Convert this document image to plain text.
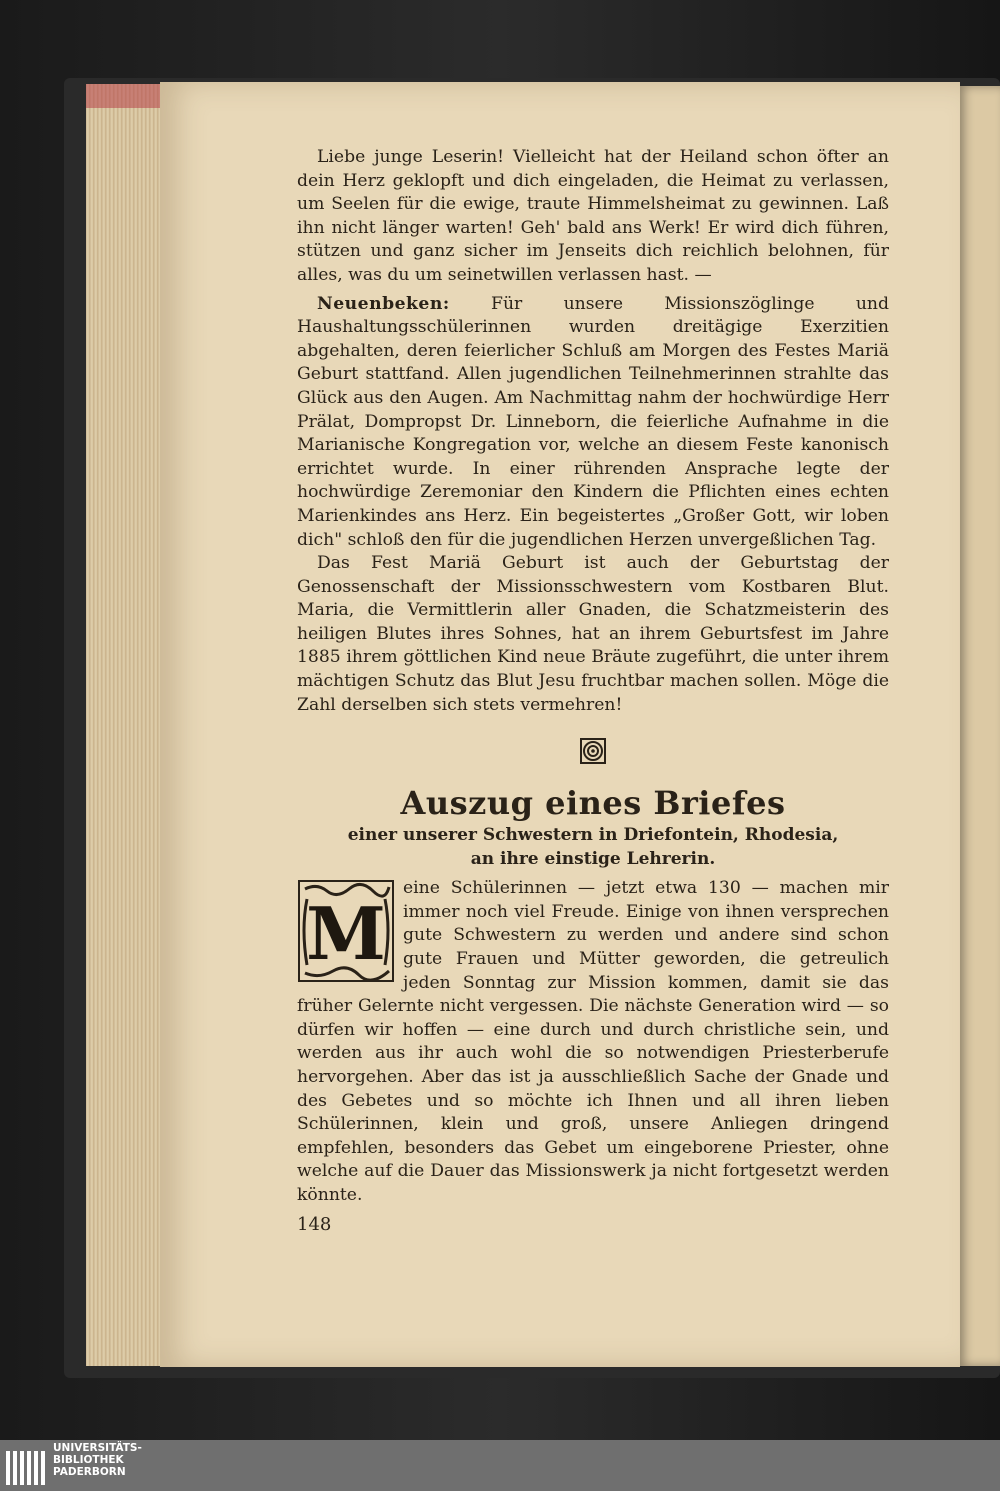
Liebe junge Leserin! Vielleicht hat der Heiland schon öfter an dein Herz geklopft und dich eingeladen, die Heimat zu verlassen, um Seelen für die ewige, traute Himmelsheimat zu gewinnen. Laß ihn nicht länger warten! Geh' bald ans Werk! Er wird dich führen, stützen und ganz sicher im Jenseits dich reichlich belohnen, für alles, was du um seinetwillen verlassen hast. —

Neuenbeken: Für unsere Missionszöglinge und Haushaltungsschülerinnen wurden dreitägige Exerzitien abgehalten, deren feierlicher Schluß am Morgen des Festes Mariä Geburt stattfand. Allen jugendlichen Teilnehmerinnen strahlte das Glück aus den Augen. Am Nachmittag nahm der hochwürdige Herr Prälat, Dompropst Dr. Linneborn, die feierliche Aufnahme in die Marianische Kongregation vor, welche an diesem Feste kanonisch errichtet wurde. In einer rührenden Ansprache legte der hochwürdige Zeremoniar den Kindern die Pflichten eines echten Marienkindes ans Herz. Ein begeistertes „Großer Gott, wir loben dich" schloß den für die jugendlichen Herzen unvergeßlichen Tag.

Das Fest Mariä Geburt ist auch der Geburtstag der Genossenschaft der Missionsschwestern vom Kostbaren Blut. Maria, die Vermittlerin aller Gnaden, die Schatzmeisterin des heiligen Blutes ihres Sohnes, hat an ihrem Geburtsfest im Jahre 1885 ihrem göttlichen Kind neue Bräute zugeführt, die unter ihrem mächtigen Schutz das Blut Jesu fruchtbar machen sollen. Möge die Zahl derselben sich stets vermehren!

Auszug eines Briefes
einer unserer Schwestern in Driefontein, Rhodesia,
an ihre einstige Lehrerin.
M
eine Schülerinnen — jetzt etwa 130 — machen mir immer noch viel Freude. Einige von ihnen versprechen gute Schwestern zu werden und andere sind schon gute Frauen und Mütter geworden, die getreulich jeden Sonntag zur Mission kommen, damit sie das früher Gelernte nicht vergessen. Die nächste Generation wird — so dürfen wir hoffen — eine durch und durch christliche sein, und werden aus ihr auch wohl die so notwendigen Priesterberufe hervorgehen. Aber das ist ja ausschließlich Sache der Gnade und des Gebetes und so möchte ich Ihnen und all ihren lieben Schülerinnen, klein und groß, unsere Anliegen dringend empfehlen, besonders das Gebet um eingeborene Priester, ohne welche auf die Dauer das Missionswerk ja nicht fortgesetzt werden könnte.
148
UNIVERSITÄTS-
BIBLIOTHEK
PADERBORN
